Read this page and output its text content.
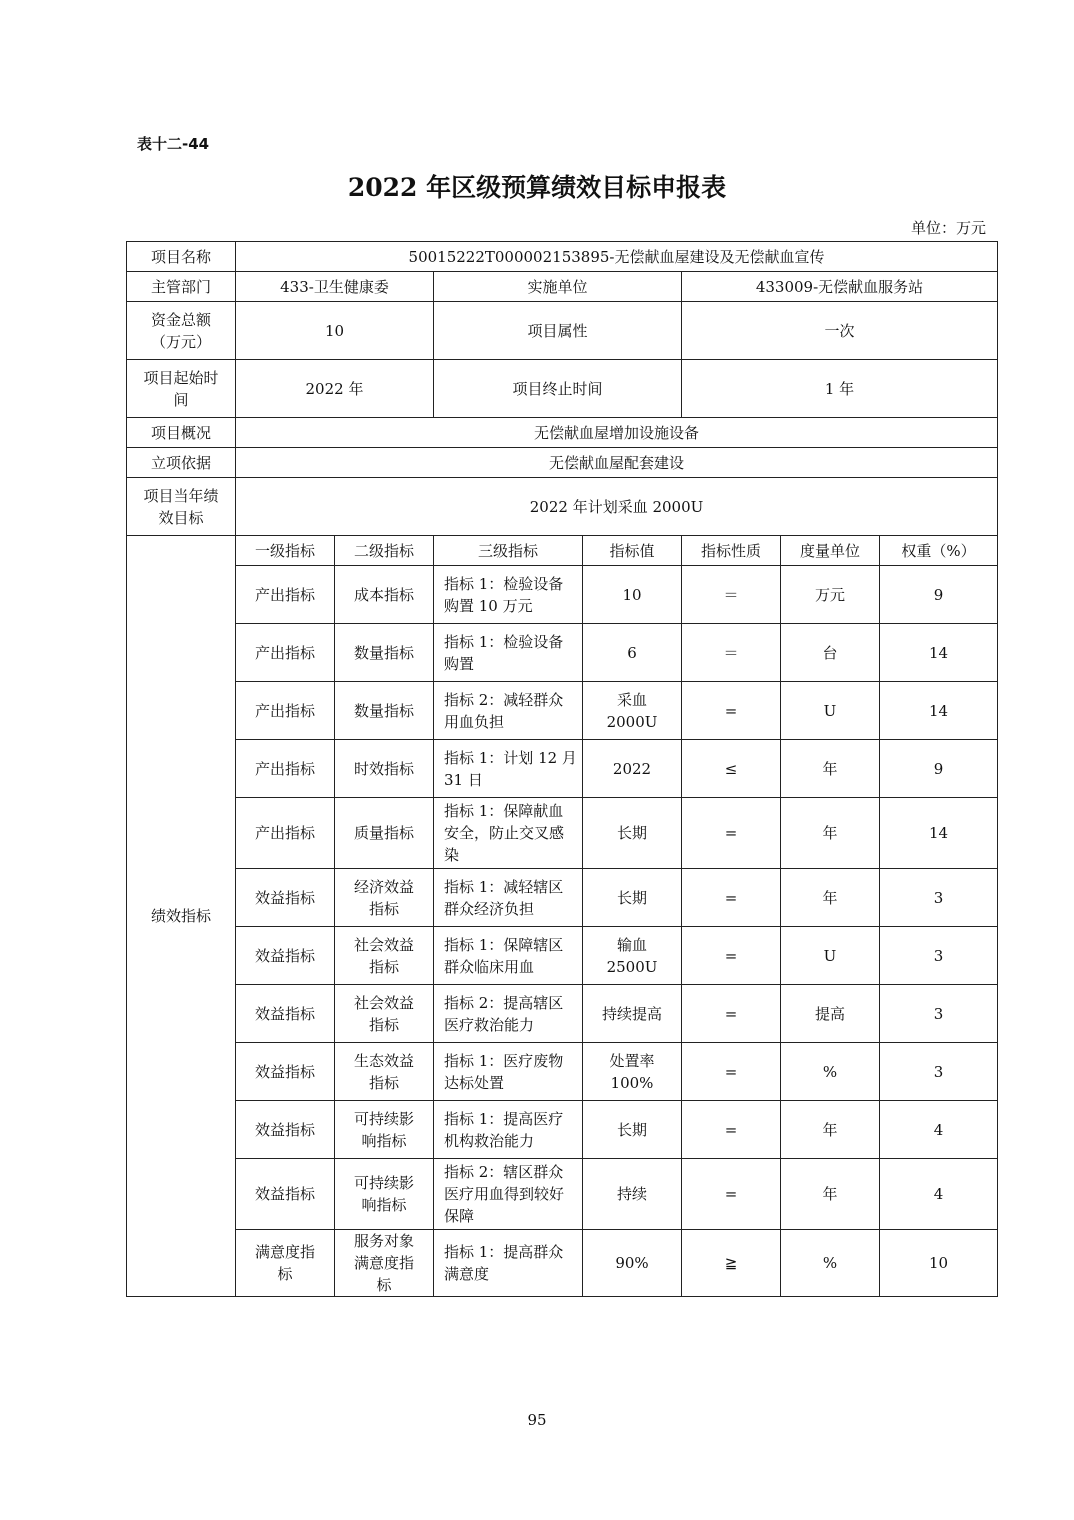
表十二-44
2022 年区级预算绩效目标申报表
单位：万元
项目名称	50015222T000002153895-无偿献血屋建设及无偿献血宣传						
主管部门	433-卫生健康委		实施单位		433009-无偿献血服务站		
资金总额（万元）	10		项目属性		一次		
项目起始时间	2022 年		项目终止时间		1 年		
项目概况	无偿献血屋增加设施设备						
立项依据	无偿献血屋配套建设						
项目当年绩效目标	2022 年计划采血 2000U						
绩效指标	一级指标	二级指标	三级指标	指标值	指标性质	度量单位	权重（%）
	产出指标	成本指标	指标 1：检验设备购置 10 万元	10	＝	万元	9
	产出指标	数量指标	指标 1：检验设备购置	6	＝	台	14
	产出指标	数量指标	指标 2：减轻群众用血负担	采血 2000U	=	U	14
	产出指标	时效指标	指标 1：计划 12 月 31 日	2022	≤	年	9
	产出指标	质量指标	指标 1：保障献血安全，防止交叉感染	长期	=	年	14
	效益指标	经济效益指标	指标 1：减轻辖区群众经济负担	长期	=	年	3
	效益指标	社会效益指标	指标 1：保障辖区群众临床用血	输血 2500U	=	U	3
	效益指标	社会效益指标	指标 2：提高辖区医疗救治能力	持续提高	=	提高	3
	效益指标	生态效益指标	指标 1：医疗废物达标处置	处置率 100%	=	%	3
	效益指标	可持续影响指标	指标 1：提高医疗机构救治能力	长期	=	年	4
	效益指标	可持续影响指标	指标 2：辖区群众医疗用血得到较好保障	持续	=	年	4
	满意度指标	服务对象满意度指标	指标 1：提高群众满意度	90%	≧	%	10
95
